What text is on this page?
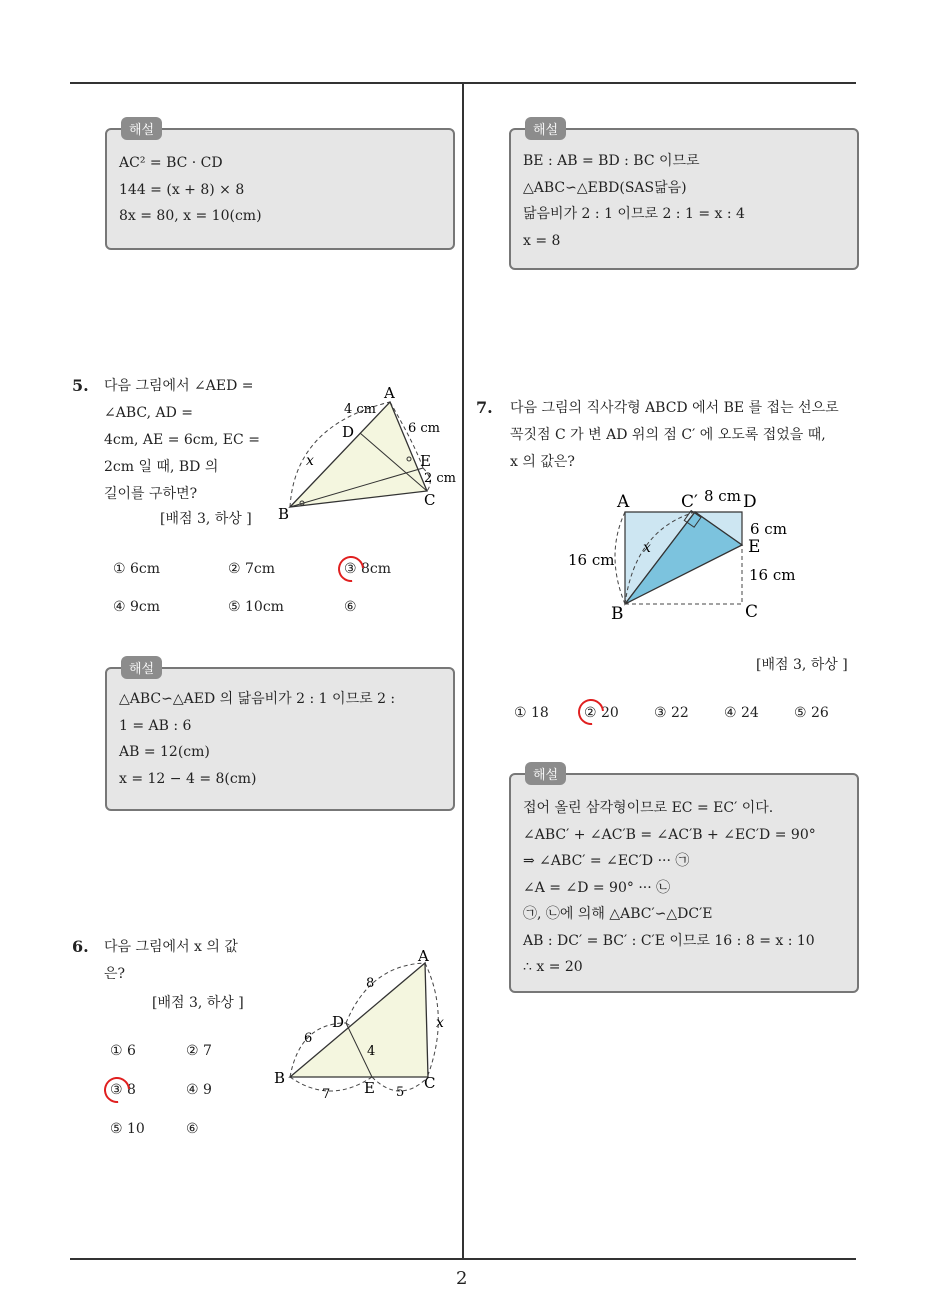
2
해설
AC² = BC · CD
144 = (x + 8) × 8
8x = 80, x = 10(cm)
5. 다음 그림에서 ∠AED =
∠ABC, AD =
4cm, AE = 6cm, EC =
2cm 일 때, BD 의
길이를 구하면?
[배점 3, 하상 ]
A
B
C
D
E
4 cm
6 cm
2 cm
x
① 6cm	② 7cm	③ 8cm
④ 9cm	⑤ 10cm	⑥
해설
△ABC∽△AED 의 닮음비가 2 : 1 이므로 2 :
1 = AB : 6
AB = 12(cm)
x = 12 − 4 = 8(cm)
6. 다음 그림에서 x 의 값
은?
[배점 3, 하상 ]
A
B	C
D
E
8
6
4
7	5
x
① 6	② 7
③ 8	④ 9
⑤ 10	⑥
해설
BE : AB = BD : BC 이므로
△ABC∽△EBD(SAS닮음)
닮음비가 2 : 1 이므로 2 : 1 = x : 4
x = 8
7. 다음 그림의 직사각형 ABCD 에서 BE 를 접는 선으로
꼭짓점 C 가 변 AD 위의 점 C′ 에 오도록 접었을 때,
x 의 값은?
A	C′	D
E
B	C
8 cm
6 cm
16 cm
16 cm
x
[배점 3, 하상 ]
① 18	② 20	③ 22	④ 24	⑤ 26
해설
접어 올린 삼각형이므로 EC = EC′ 이다.
∠ABC′ + ∠AC′B = ∠AC′B + ∠EC′D = 90°
⇒ ∠ABC′ = ∠EC′D ··· ㉠
∠A = ∠D = 90° ··· ㉡
㉠, ㉡에 의해 △ABC′∽△DC′E
AB : DC′ = BC′ : C′E 이므로 16 : 8 = x : 10
∴ x = 20
